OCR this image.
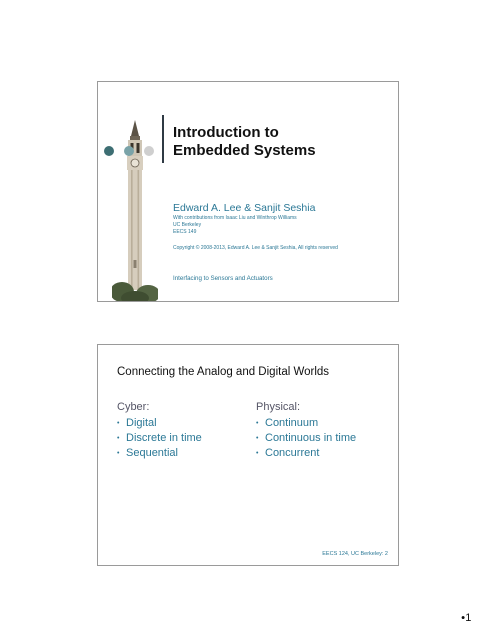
Introduction to
Embedded Systems
Edward A. Lee & Sanjit Seshia
With contributions from Isaac Liu and Winthrop Williams
UC Berkeley
EECS 149
Copyright © 2008-2013, Edward A. Lee & Sanjit Seshia, All rights reserved
Interfacing to Sensors and Actuators
Connecting the Analog and Digital Worlds
Cyber:
• Digital
• Discrete in time
• Sequential
Physical:
• Continuum
• Continuous in time
• Concurrent
EECS 124, UC Berkeley: 2
●1
